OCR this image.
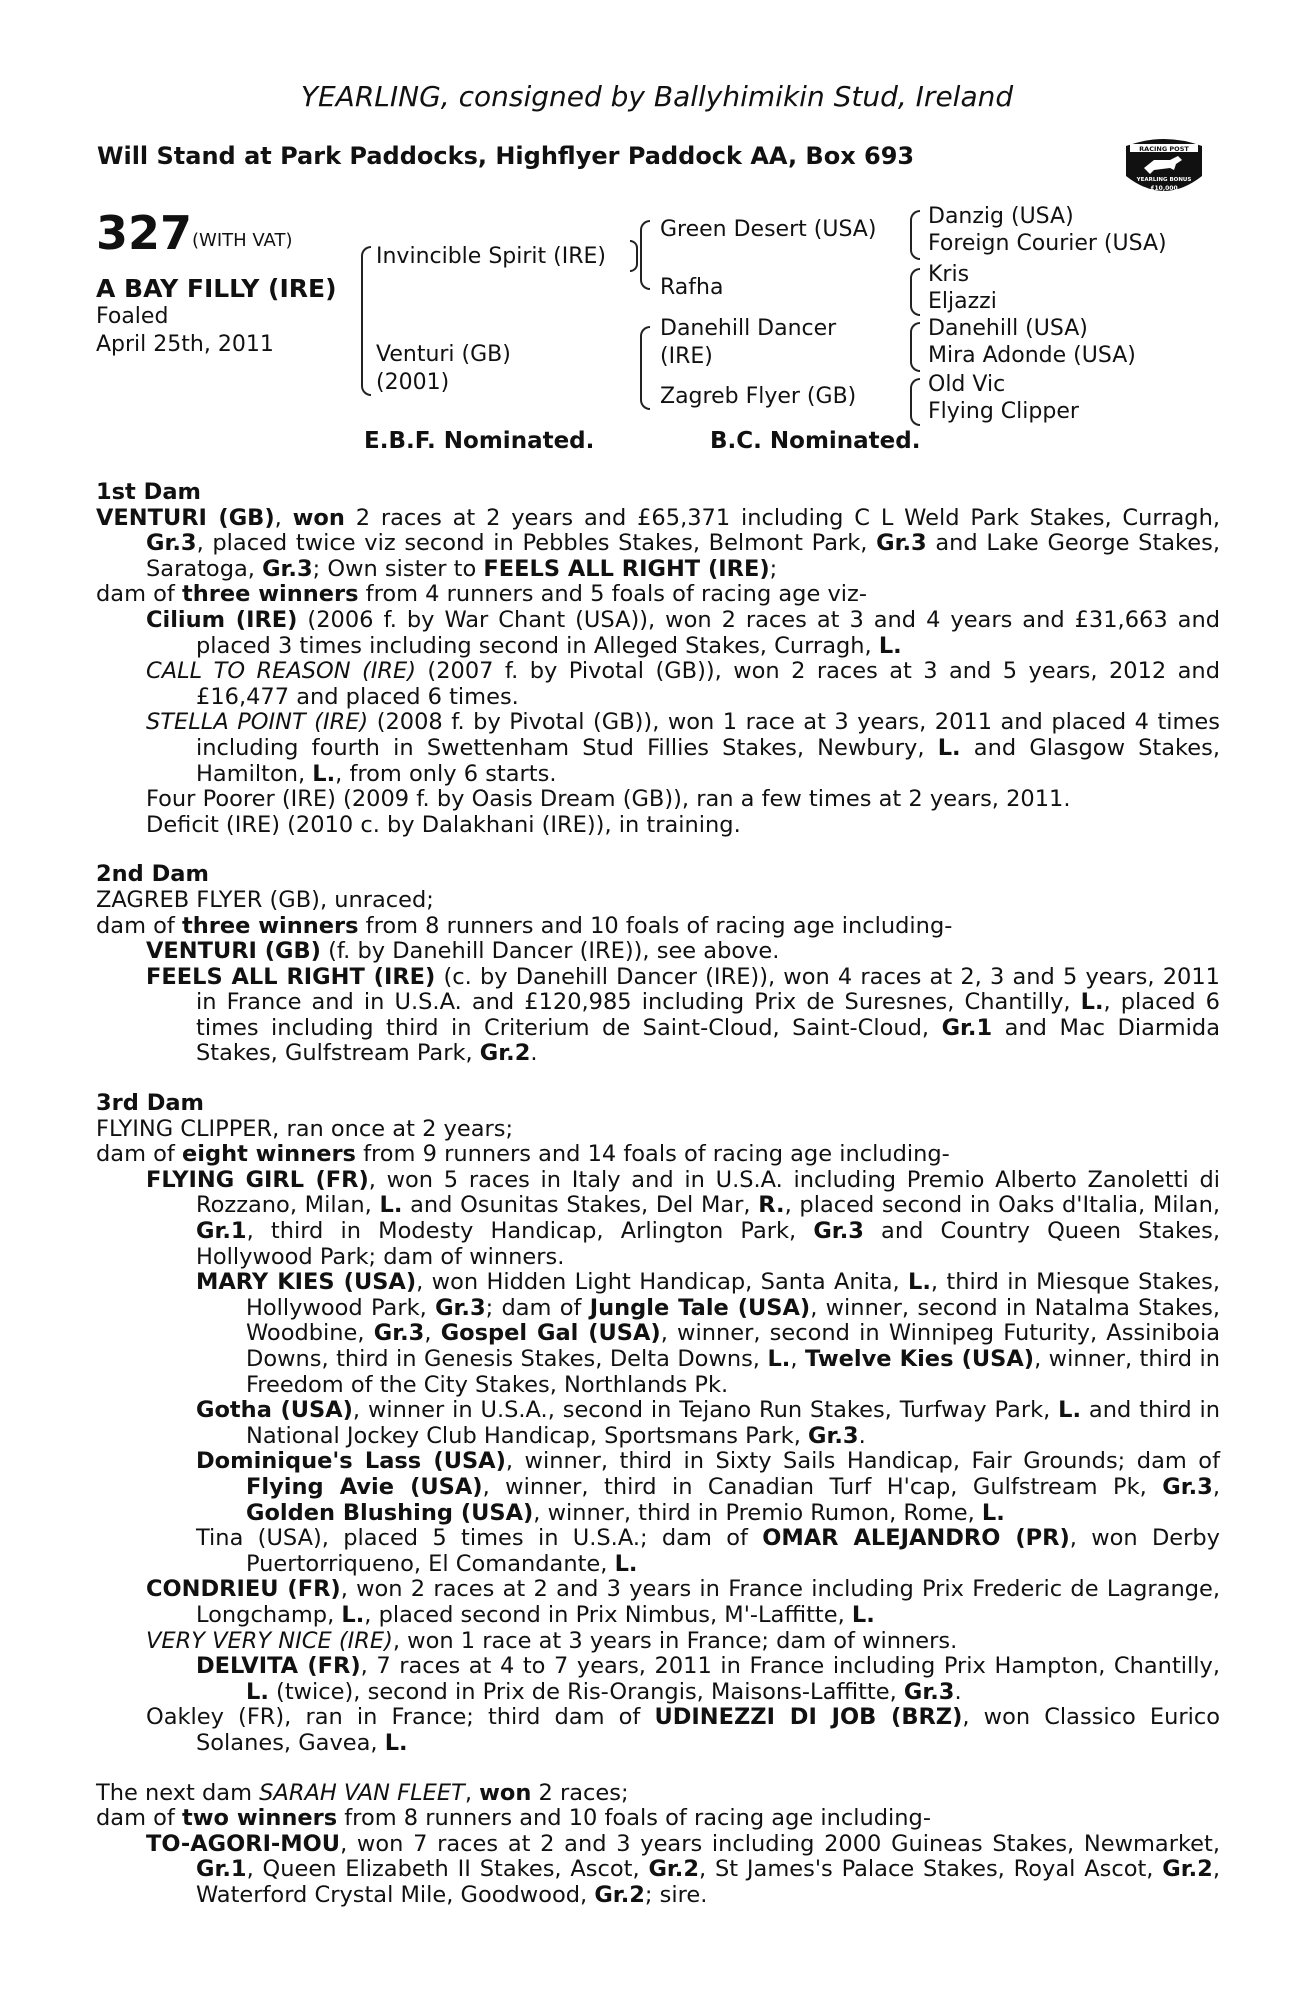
YEARLING, consigned by Ballyhimikin Stud, Ireland
Will Stand at Park Paddocks, Highflyer Paddock AA, Box 693	RACING POST
YEARLING BONUS
£10,000
327 (WITH VAT)
A BAY FILLY (IRE)
Foaled
April 25th, 2011
Invincible Spirit (IRE)
Venturi (GB)
(2001)
Green Desert (USA)
Rafha
Danehill Dancer
(IRE)
Zagreb Flyer (GB)
Danzig (USA)
Foreign Courier (USA)
Kris
Eljazzi
Danehill (USA)
Mira Adonde (USA)
Old Vic
Flying Clipper
E.B.F. Nominated.	B.C. Nominated.

1st Dam

VENTURI (GB), won 2 races at 2 years and £65,371 including C L Weld Park Stakes, Curragh, Gr.3, placed twice viz second in Pebbles Stakes, Belmont Park, Gr.3 and Lake George Stakes, Saratoga, Gr.3; Own sister to FEELS ALL RIGHT (IRE);

dam of three winners from 4 runners and 5 foals of racing age viz-

Cilium (IRE) (2006 f. by War Chant (USA)), won 2 races at 3 and 4 years and £31,663 and placed 3 times including second in Alleged Stakes, Curragh, L.

CALL TO REASON (IRE) (2007 f. by Pivotal (GB)), won 2 races at 3 and 5 years, 2012 and £16,477 and placed 6 times.

STELLA POINT (IRE) (2008 f. by Pivotal (GB)), won 1 race at 3 years, 2011 and placed 4 times including fourth in Swettenham Stud Fillies Stakes, Newbury, L. and Glasgow Stakes, Hamilton, L., from only 6 starts.

Four Poorer (IRE) (2009 f. by Oasis Dream (GB)), ran a few times at 2 years, 2011.

Deficit (IRE) (2010 c. by Dalakhani (IRE)), in training.

2nd Dam

ZAGREB FLYER (GB), unraced;

dam of three winners from 8 runners and 10 foals of racing age including-

VENTURI (GB) (f. by Danehill Dancer (IRE)), see above.

FEELS ALL RIGHT (IRE) (c. by Danehill Dancer (IRE)), won 4 races at 2, 3 and 5 years, 2011 in France and in U.S.A. and £120,985 including Prix de Suresnes, Chantilly, L., placed 6 times including third in Criterium de Saint-Cloud, Saint-Cloud, Gr.1 and Mac Diarmida Stakes, Gulfstream Park, Gr.2.

3rd Dam

FLYING CLIPPER, ran once at 2 years;

dam of eight winners from 9 runners and 14 foals of racing age including-

FLYING GIRL (FR), won 5 races in Italy and in U.S.A. including Premio Alberto Zanoletti di Rozzano, Milan, L. and Osunitas Stakes, Del Mar, R., placed second in Oaks d'Italia, Milan, Gr.1, third in Modesty Handicap, Arlington Park, Gr.3 and Country Queen Stakes, Hollywood Park; dam of winners.

MARY KIES (USA), won Hidden Light Handicap, Santa Anita, L., third in Miesque Stakes, Hollywood Park, Gr.3; dam of Jungle Tale (USA), winner, second in Natalma Stakes, Woodbine, Gr.3, Gospel Gal (USA), winner, second in Winnipeg Futurity, Assiniboia Downs, third in Genesis Stakes, Delta Downs, L., Twelve Kies (USA), winner, third in Freedom of the City Stakes, Northlands Pk.

Gotha (USA), winner in U.S.A., second in Tejano Run Stakes, Turfway Park, L. and third in National Jockey Club Handicap, Sportsmans Park, Gr.3.

Dominique's Lass (USA), winner, third in Sixty Sails Handicap, Fair Grounds; dam of Flying Avie (USA), winner, third in Canadian Turf H'cap, Gulfstream Pk, Gr.3, Golden Blushing (USA), winner, third in Premio Rumon, Rome, L.

Tina (USA), placed 5 times in U.S.A.; dam of OMAR ALEJANDRO (PR), won Derby Puertorriqueno, El Comandante, L.

CONDRIEU (FR), won 2 races at 2 and 3 years in France including Prix Frederic de Lagrange, Longchamp, L., placed second in Prix Nimbus, M'-Laffitte, L.

VERY VERY NICE (IRE), won 1 race at 3 years in France; dam of winners.

DELVITA (FR), 7 races at 4 to 7 years, 2011 in France including Prix Hampton, Chantilly, L. (twice), second in Prix de Ris-Orangis, Maisons-Laffitte, Gr.3.

Oakley (FR), ran in France; third dam of UDINEZZI DI JOB (BRZ), won Classico Eurico Solanes, Gavea, L.

The next dam SARAH VAN FLEET, won 2 races;

dam of two winners from 8 runners and 10 foals of racing age including-

TO-AGORI-MOU, won 7 races at 2 and 3 years including 2000 Guineas Stakes, Newmarket, Gr.1, Queen Elizabeth II Stakes, Ascot, Gr.2, St James's Palace Stakes, Royal Ascot, Gr.2, Waterford Crystal Mile, Goodwood, Gr.2; sire.
